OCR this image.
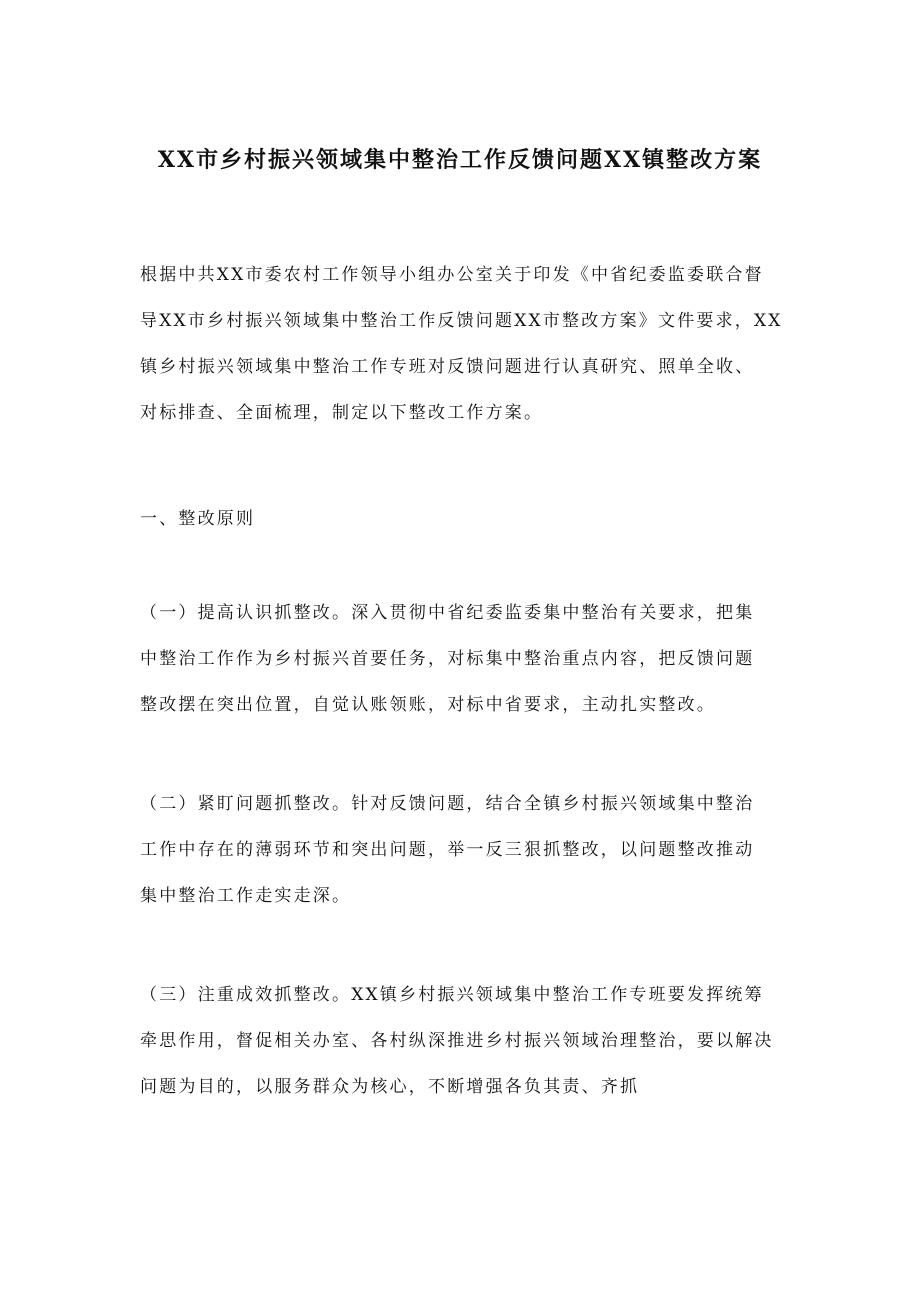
XX市乡村振兴领域集中整治工作反馈问题XX镇整改方案
根据中共XX市委农村工作领导小组办公室关于印发《中省纪委监委联合督
导XX市乡村振兴领域集中整治工作反馈问题XX市整改方案》文件要求，XX
镇乡村振兴领域集中整治工作专班对反馈问题进行认真研究、照单全收、
对标排查、全面梳理，制定以下整改工作方案。
一、整改原则
（一）提高认识抓整改。深入贯彻中省纪委监委集中整治有关要求，把集
中整治工作作为乡村振兴首要任务，对标集中整治重点内容，把反馈问题
整改摆在突出位置，自觉认账领账，对标中省要求，主动扎实整改。
（二）紧盯问题抓整改。针对反馈问题，结合全镇乡村振兴领域集中整治
工作中存在的薄弱环节和突出问题，举一反三狠抓整改，以问题整改推动
集中整治工作走实走深。
（三）注重成效抓整改。XX镇乡村振兴领域集中整治工作专班要发挥统筹
牵思作用，督促相关办室、各村纵深推进乡村振兴领域治理整治，要以解决
问题为目的，以服务群众为核心，不断增强各负其责、齐抓
